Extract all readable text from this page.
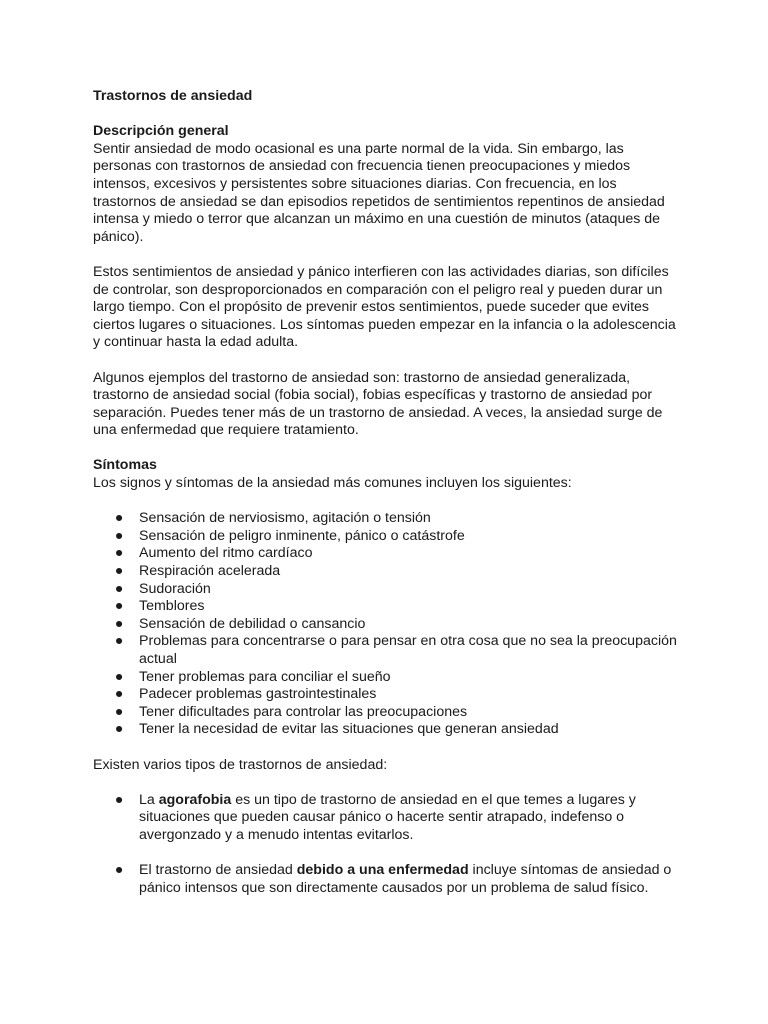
Trastornos de ansiedad

Descripción general

Sentir ansiedad de modo ocasional es una parte normal de la vida. Sin embargo, las personas con trastornos de ansiedad con frecuencia tienen preocupaciones y miedos intensos, excesivos y persistentes sobre situaciones diarias. Con frecuencia, en los trastornos de ansiedad se dan episodios repetidos de sentimientos repentinos de ansiedad intensa y miedo o terror que alcanzan un máximo en una cuestión de minutos (ataques de pánico).

Estos sentimientos de ansiedad y pánico interfieren con las actividades diarias, son difíciles de controlar, son desproporcionados en comparación con el peligro real y pueden durar un largo tiempo. Con el propósito de prevenir estos sentimientos, puede suceder que evites ciertos lugares o situaciones. Los síntomas pueden empezar en la infancia o la adolescencia y continuar hasta la edad adulta.

Algunos ejemplos del trastorno de ansiedad son: trastorno de ansiedad generalizada, trastorno de ansiedad social (fobia social), fobias específicas y trastorno de ansiedad por separación. Puedes tener más de un trastorno de ansiedad. A veces, la ansiedad surge de una enfermedad que requiere tratamiento.

Síntomas

Los signos y síntomas de la ansiedad más comunes incluyen los siguientes:

● Sensación de nerviosismo, agitación o tensión
● Sensación de peligro inminente, pánico o catástrofe
● Aumento del ritmo cardíaco
● Respiración acelerada
● Sudoración
● Temblores
● Sensación de debilidad o cansancio
● Problemas para concentrarse o para pensar en otra cosa que no sea la preocupación actual
● Tener problemas para conciliar el sueño
● Padecer problemas gastrointestinales
● Tener dificultades para controlar las preocupaciones
● Tener la necesidad de evitar las situaciones que generan ansiedad

Existen varios tipos de trastornos de ansiedad:

● La agorafobia es un tipo de trastorno de ansiedad en el que temes a lugares y situaciones que pueden causar pánico o hacerte sentir atrapado, indefenso o avergonzado y a menudo intentas evitarlos.
● El trastorno de ansiedad debido a una enfermedad incluye síntomas de ansiedad o pánico intensos que son directamente causados por un problema de salud físico.
